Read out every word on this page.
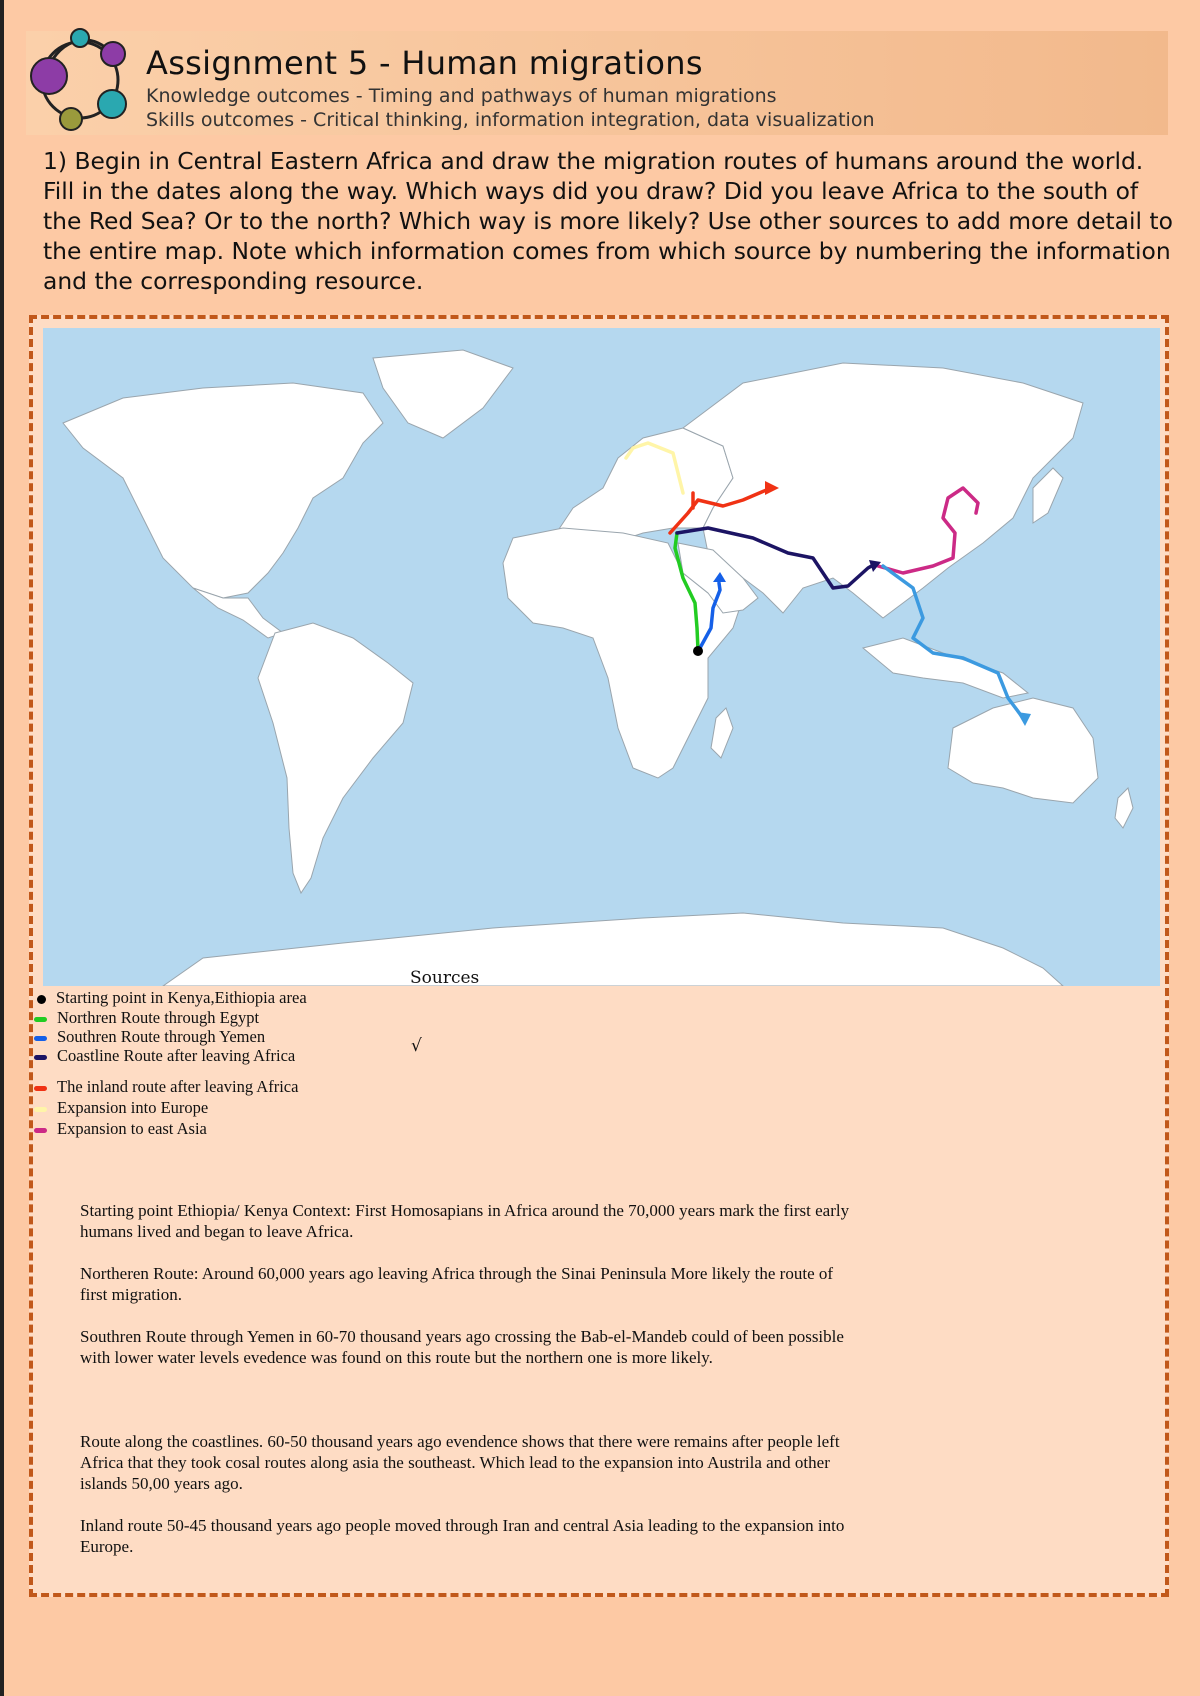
Assignment 5 - Human migrations
Knowledge outcomes - Timing and pathways of human migrations
Skills outcomes - Critical thinking, information integration, data visualization
1) Begin in Central Eastern Africa and draw the migration routes of humans around the world. Fill in the dates along the way. Which ways did you draw? Did you leave Africa to the south of the Red Sea? Or to the north? Which way is more likely? Use other sources to add more detail to the entire map. Note which information comes from which source by numbering the information and the corresponding resource.
Sources
√
Starting point in Kenya,Eithiopia area
Northren Route through Egypt
Southren Route through Yemen
Coastline Route after leaving Africa
The inland route after leaving Africa
Expansion into Europe
Expansion to east Asia

Starting point Ethiopia/ Kenya Context: First Homosapians in Africa around the 70,000 years mark the first early humans lived and began to leave Africa.

Northeren Route: Around 60,000 years ago leaving Africa through the Sinai Peninsula More likely the route of first migration.

Southren Route through Yemen in 60-70 thousand years ago crossing the Bab-el-Mandeb could of been possible with lower water levels evedence was found on this route but the northern one is more likely.

Route along the coastlines. 60-50 thousand years ago evendence shows that there were remains after people left Africa that they took cosal routes along asia the southeast. Which lead to the expansion into Austrila and other islands 50,00 years ago.

Inland route 50-45 thousand years ago people moved through Iran and central Asia leading to the expansion into Europe.
